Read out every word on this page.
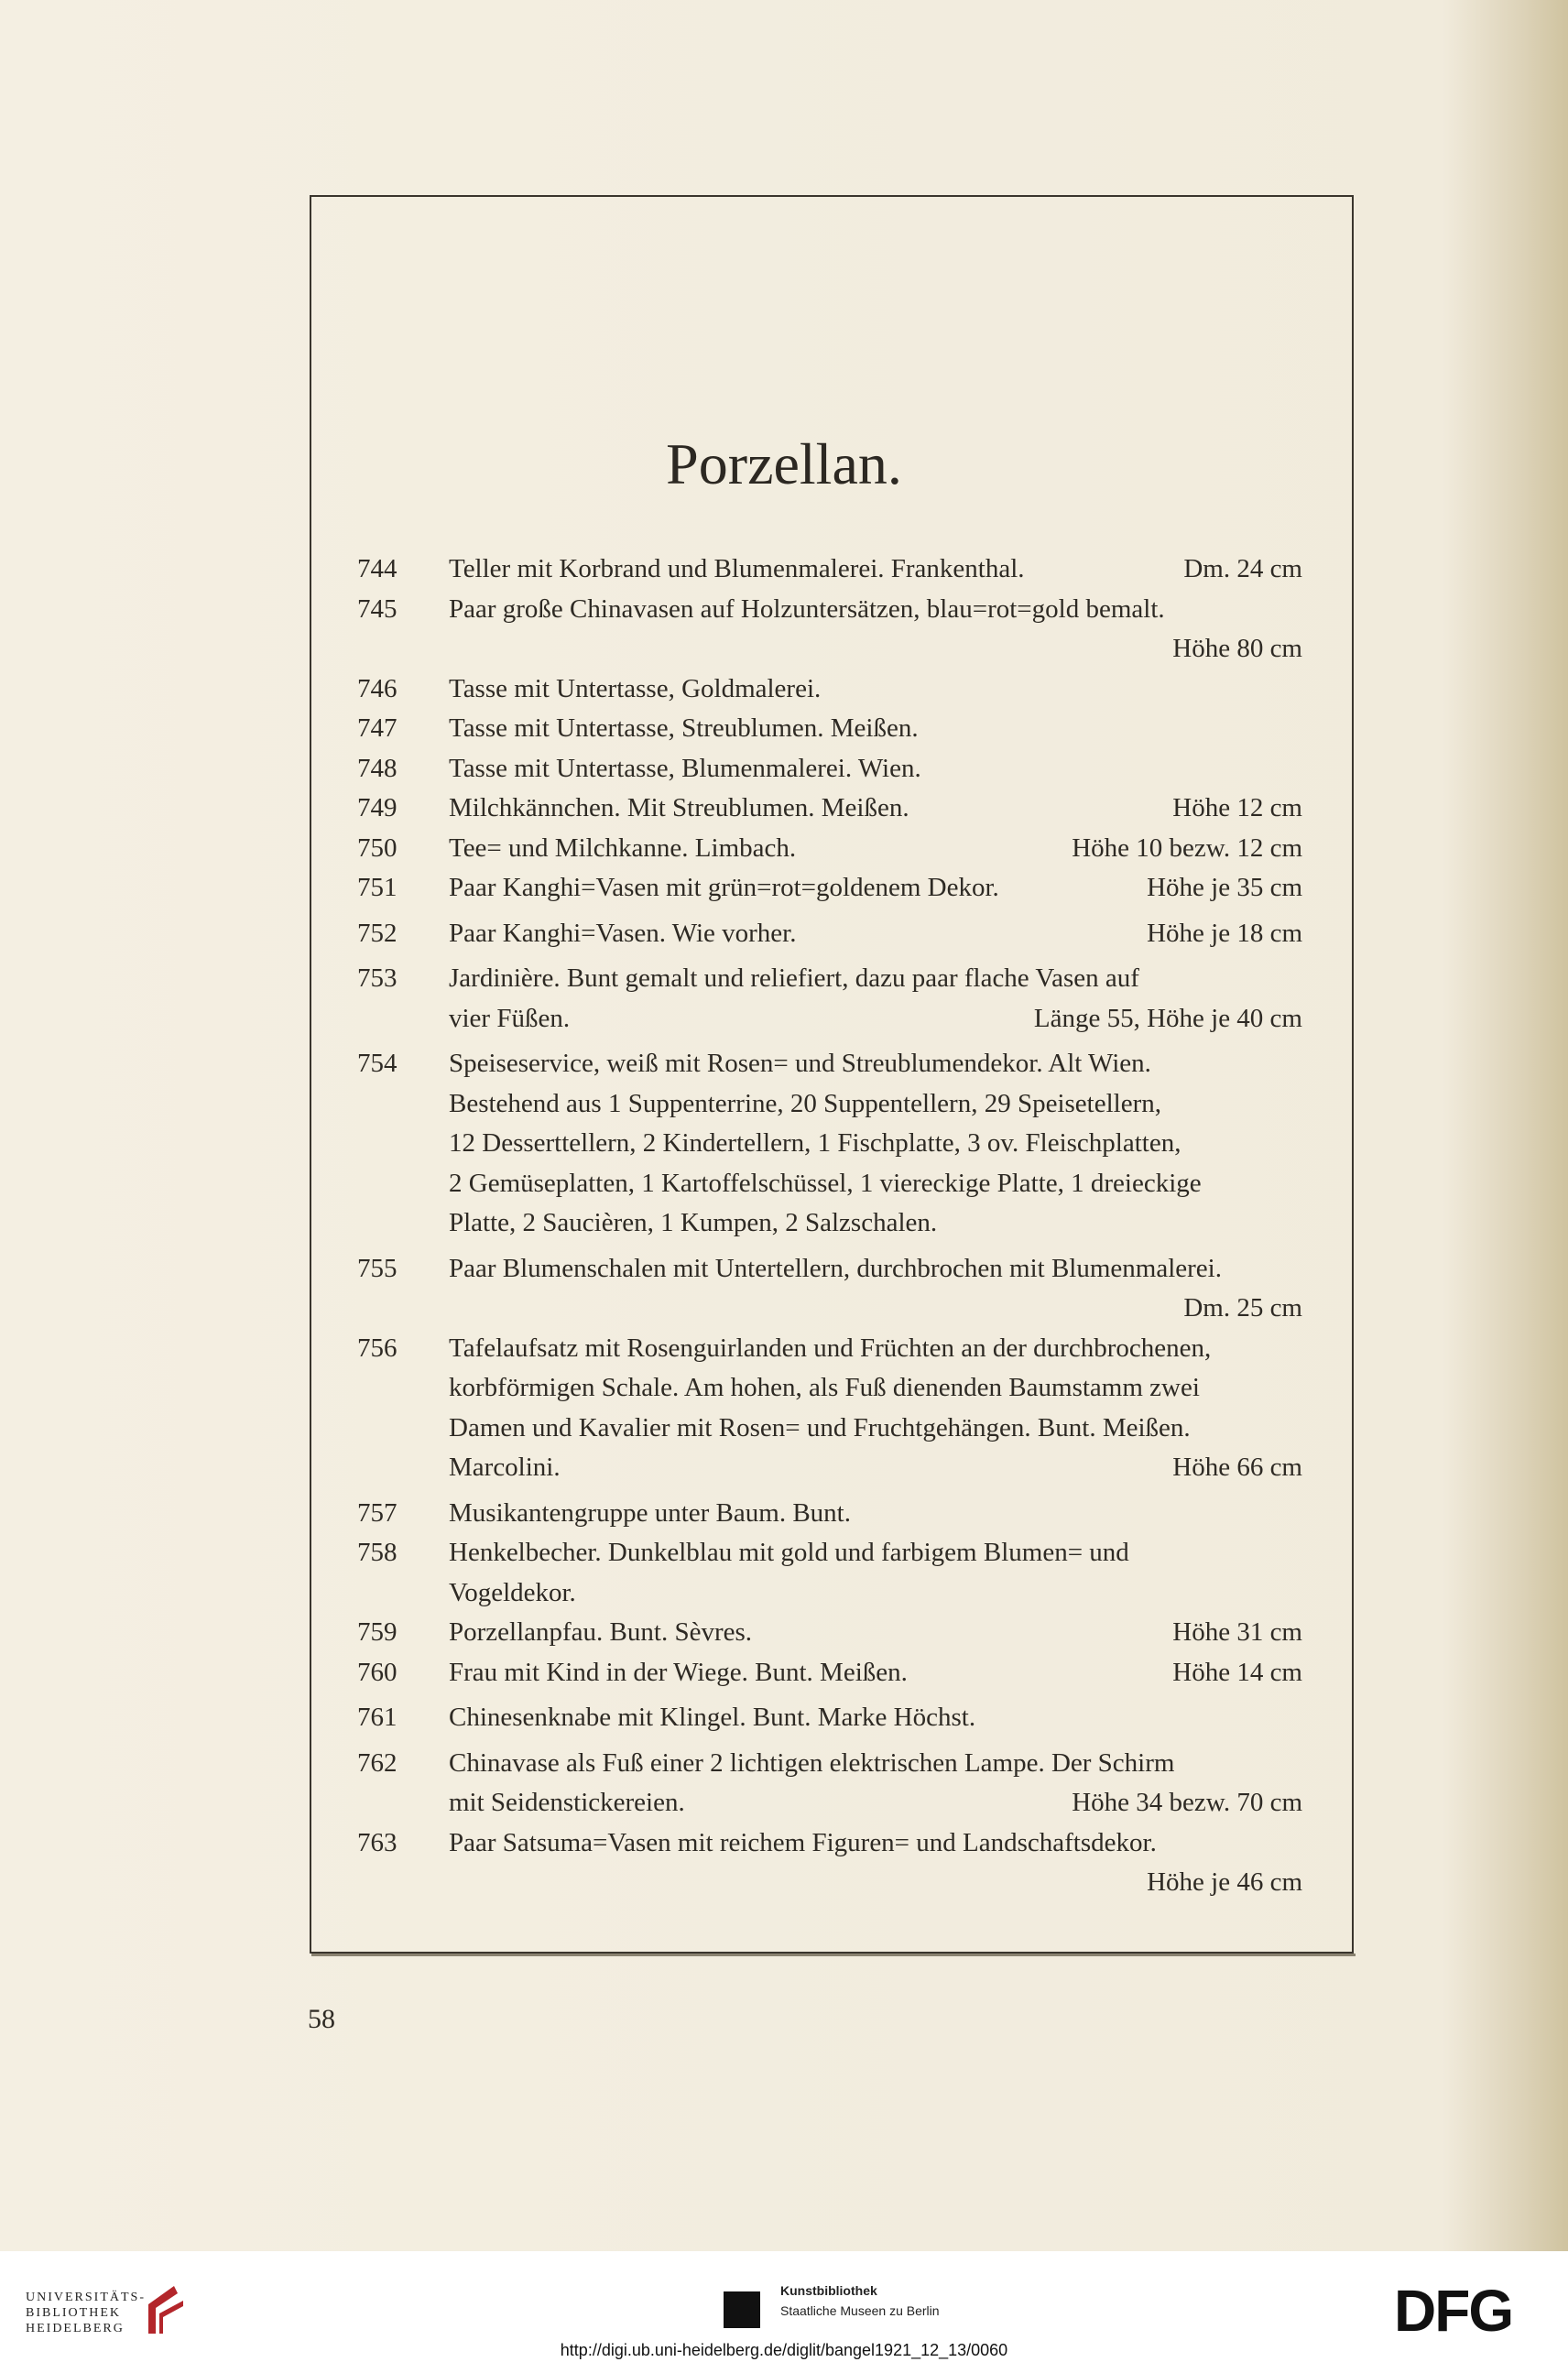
Porzellan.
744	Teller mit Korbrand und Blumenmalerei. Frankenthal.	Dm. 24 cm
745	Paar große Chinavasen auf Holzuntersätzen, blau=rot=gold bemalt.
Höhe 80 cm
746	Tasse mit Untertasse, Goldmalerei.
747	Tasse mit Untertasse, Streublumen. Meißen.
748	Tasse mit Untertasse, Blumenmalerei. Wien.
749	Milchkännchen. Mit Streublumen. Meißen.	Höhe 12 cm
750	Tee= und Milchkanne. Limbach.	Höhe 10 bezw. 12 cm
751	Paar Kanghi=Vasen mit grün=rot=goldenem Dekor.	Höhe je 35 cm
752	Paar Kanghi=Vasen. Wie vorher.	Höhe je 18 cm
753	Jardinière. Bunt gemalt und reliefiert, dazu paar flache Vasen auf
vier Füßen.	Länge 55, Höhe je 40 cm
754	Speiseservice, weiß mit Rosen= und Streublumendekor. Alt Wien.
Bestehend aus 1 Suppenterrine, 20 Suppentellern, 29 Speisetellern,
12 Desserttellern, 2 Kindertellern, 1 Fischplatte, 3 ov. Fleischplatten,
2 Gemüseplatten, 1 Kartoffelschüssel, 1 viereckige Platte, 1 dreieckige
Platte, 2 Saucièren, 1 Kumpen, 2 Salzschalen.
755	Paar Blumenschalen mit Untertellern, durchbrochen mit Blumenmalerei.
Dm. 25 cm
756	Tafelaufsatz mit Rosenguirlanden und Früchten an der durchbrochenen,
korbförmigen Schale. Am hohen, als Fuß dienenden Baumstamm zwei
Damen und Kavalier mit Rosen= und Fruchtgehängen. Bunt. Meißen.
Marcolini.	Höhe 66 cm
757	Musikantengruppe unter Baum. Bunt.
758	Henkelbecher. Dunkelblau mit gold und farbigem Blumen= und
Vogeldekor.
759	Porzellanpfau. Bunt. Sèvres.	Höhe 31 cm
760	Frau mit Kind in der Wiege. Bunt. Meißen.	Höhe 14 cm
761	Chinesenknabe mit Klingel. Bunt. Marke Höchst.
762	Chinavase als Fuß einer 2 lichtigen elektrischen Lampe. Der Schirm
mit Seidenstickereien.	Höhe 34 bezw. 70 cm
763	Paar Satsuma=Vasen mit reichem Figuren= und Landschaftsdekor.
Höhe je 46 cm
58
UNIVERSITÄTS-
BIBLIOTHEK
HEIDELBERG
Kunstbibliothek
Staatliche Museen zu Berlin	DFG
http://digi.ub.uni-heidelberg.de/diglit/bangel1921_12_13/0060
